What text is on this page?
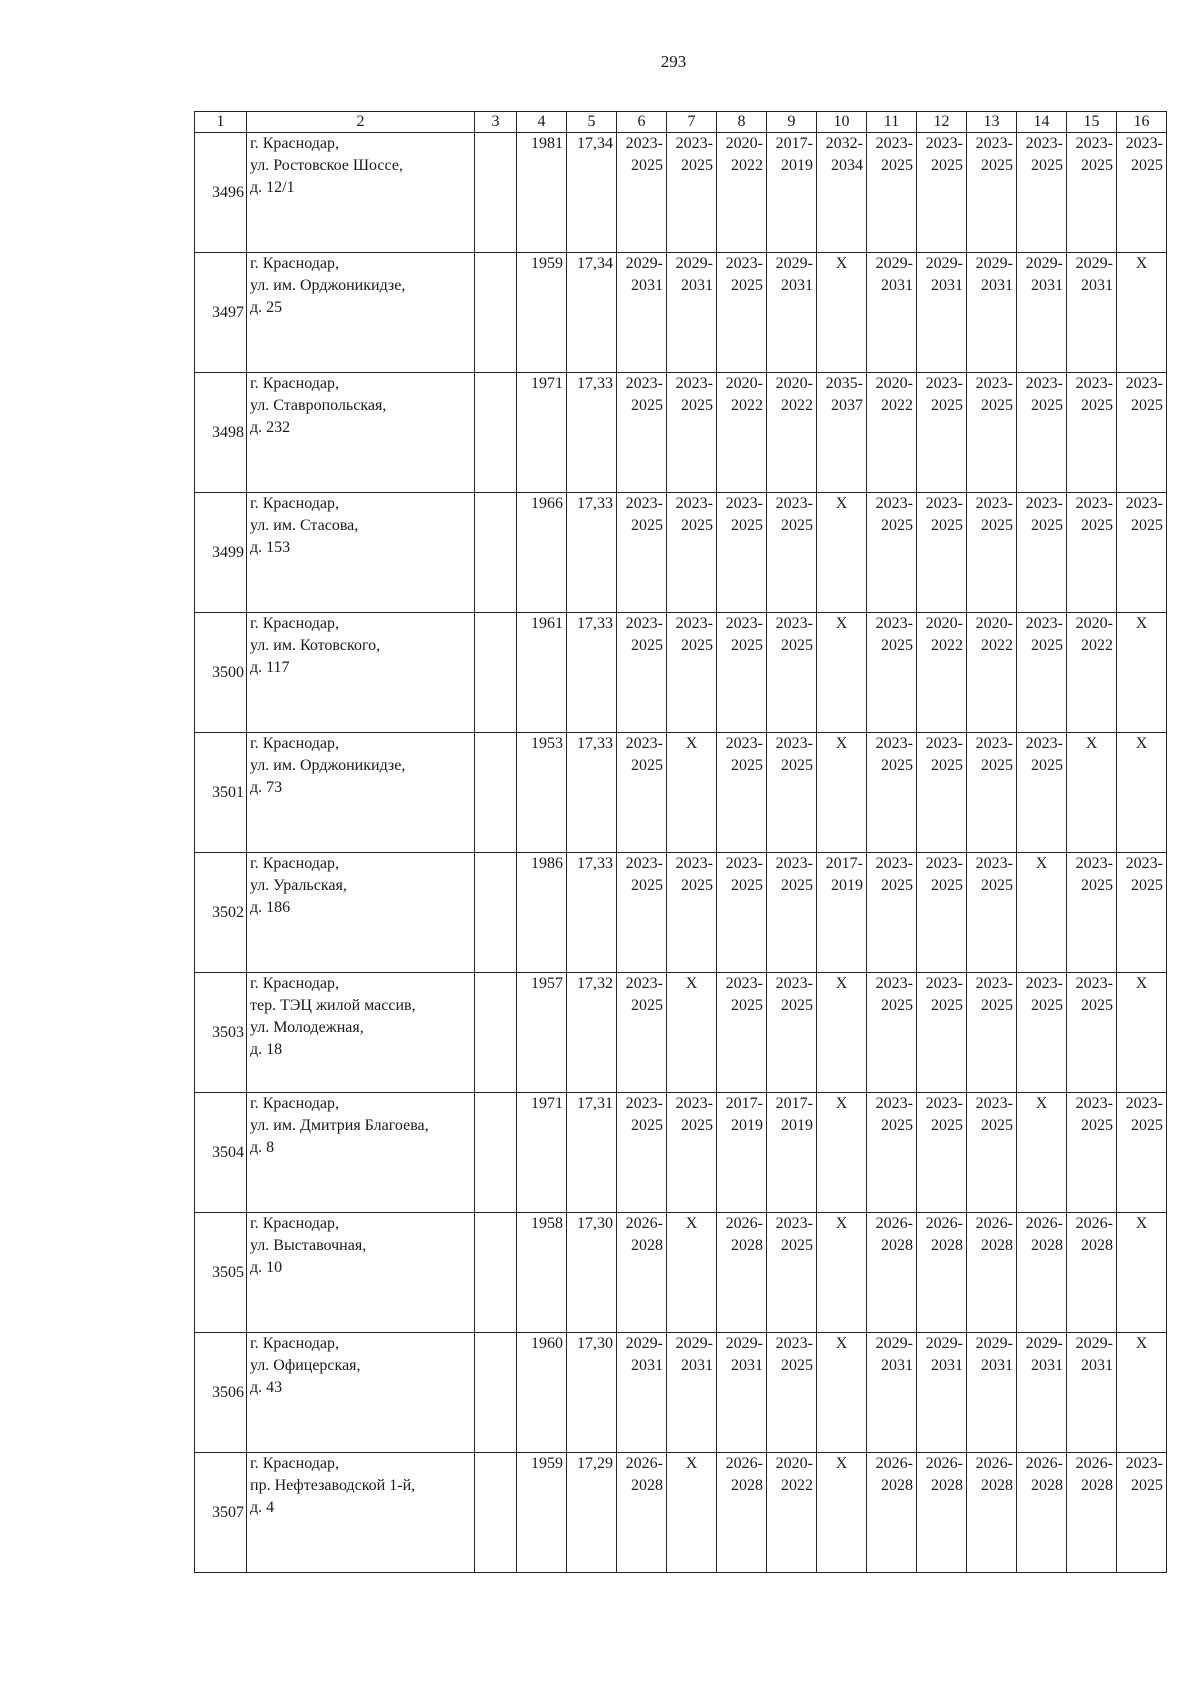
293
1	2	3	4	5	6	7	8	9	10	11	12	13	14	15	16
3496	г. Краснодар,
ул. Ростовское Шоссе,
д. 12/1		1981	17,34	2023-
2025	2023-
2025	2020-
2022	2017-
2019	2032-
2034	2023-
2025	2023-
2025	2023-
2025	2023-
2025	2023-
2025	2023-
2025

3497	г. Краснодар,
ул. им. Орджоникидзе,
д. 25		1959	17,34	2029-
2031	2029-
2031	2023-
2025	2029-
2031	X	2029-
2031	2029-
2031	2029-
2031	2029-
2031	2029-
2031	X

3498	г. Краснодар,
ул. Ставропольская,
д. 232		1971	17,33	2023-
2025	2023-
2025	2020-
2022	2020-
2022	2035-
2037	2020-
2022	2023-
2025	2023-
2025	2023-
2025	2023-
2025	2023-
2025

3499	г. Краснодар,
ул. им. Стасова,
д. 153		1966	17,33	2023-
2025	2023-
2025	2023-
2025	2023-
2025	X	2023-
2025	2023-
2025	2023-
2025	2023-
2025	2023-
2025	2023-
2025

3500	г. Краснодар,
ул. им. Котовского,
д. 117		1961	17,33	2023-
2025	2023-
2025	2023-
2025	2023-
2025	X	2023-
2025	2020-
2022	2020-
2022	2023-
2025	2020-
2022	X

3501	г. Краснодар,
ул. им. Орджоникидзе,
д. 73		1953	17,33	2023-
2025	X	2023-
2025	2023-
2025	X	2023-
2025	2023-
2025	2023-
2025	2023-
2025	X	X

3502	г. Краснодар,
ул. Уральская,
д. 186		1986	17,33	2023-
2025	2023-
2025	2023-
2025	2023-
2025	2017-
2019	2023-
2025	2023-
2025	2023-
2025	X	2023-
2025	2023-
2025

3503	г. Краснодар,
тер. ТЭЦ жилой массив,
ул. Молодежная,
д. 18		1957	17,32	2023-
2025	X	2023-
2025	2023-
2025	X	2023-
2025	2023-
2025	2023-
2025	2023-
2025	2023-
2025	X

3504	г. Краснодар,
ул. им. Дмитрия Благоева,
д. 8		1971	17,31	2023-
2025	2023-
2025	2017-
2019	2017-
2019	X	2023-
2025	2023-
2025	2023-
2025	X	2023-
2025	2023-
2025

3505	г. Краснодар,
ул. Выставочная,
д. 10		1958	17,30	2026-
2028	X	2026-
2028	2023-
2025	X	2026-
2028	2026-
2028	2026-
2028	2026-
2028	2026-
2028	X

3506	г. Краснодар,
ул. Офицерская,
д. 43		1960	17,30	2029-
2031	2029-
2031	2029-
2031	2023-
2025	X	2029-
2031	2029-
2031	2029-
2031	2029-
2031	2029-
2031	X

3507	г. Краснодар,
пр. Нефтезаводской 1-й,
д. 4		1959	17,29	2026-
2028	X	2026-
2028	2020-
2022	X	2026-
2028	2026-
2028	2026-
2028	2026-
2028	2026-
2028	2023-
2025
